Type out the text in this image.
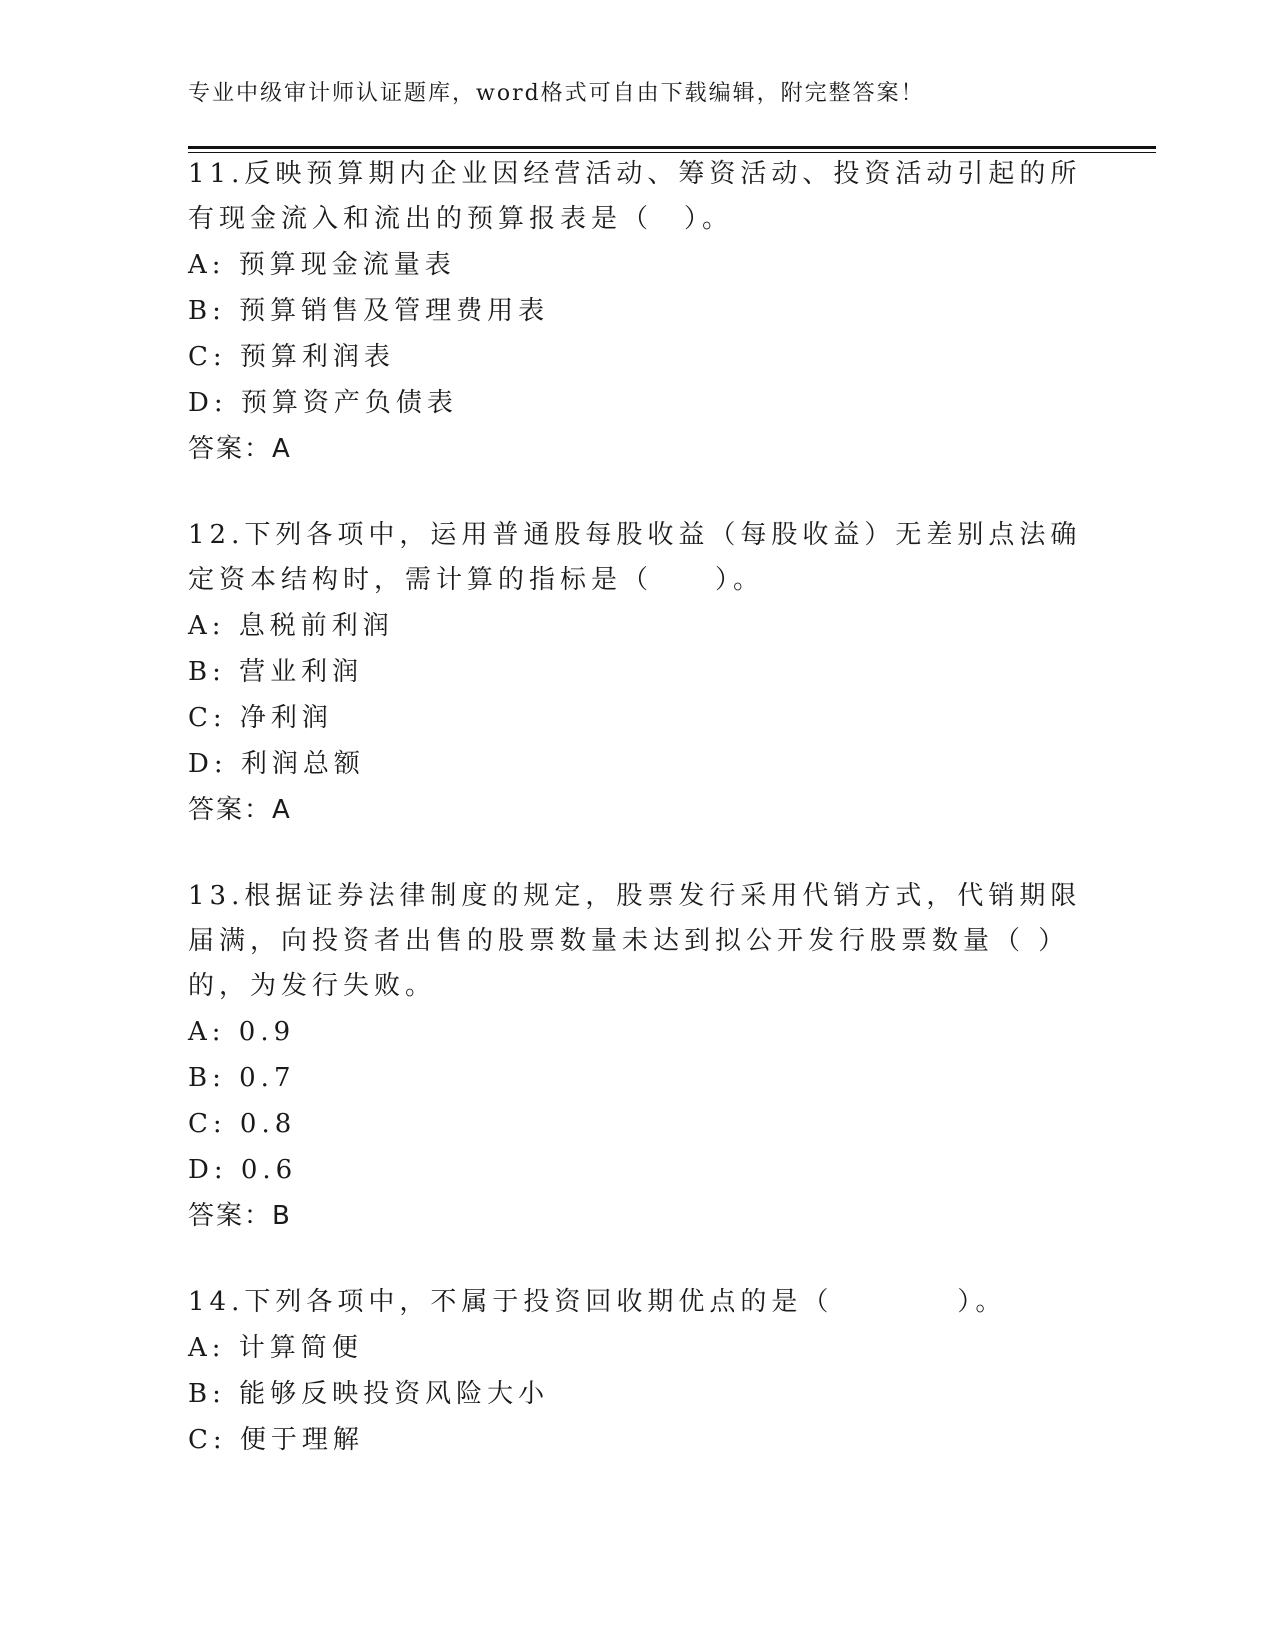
专业中级审计师认证题库，word格式可自由下载编辑，附完整答案！

11.反映预算期内企业因经营活动、筹资活动、投资活动引起的所有现金流入和流出的预算报表是（　）。

A: 预算现金流量表
B: 预算销售及管理费用表
C: 预算利润表
D: 预算资产负债表
答案：A

12.下列各项中，运用普通股每股收益（每股收益）无差别点法确定资本结构时，需计算的指标是（　　）。

A: 息税前利润
B: 营业利润
C: 净利润
D: 利润总额
答案：A

13.根据证券法律制度的规定，股票发行采用代销方式，代销期限届满，向投资者出售的股票数量未达到拟公开发行股票数量（ ）的，为发行失败。

A: 0.9
B: 0.7
C: 0.8
D: 0.6
答案：B

14.下列各项中，不属于投资回收期优点的是（　　　　）。

A: 计算简便
B: 能够反映投资风险大小
C: 便于理解
